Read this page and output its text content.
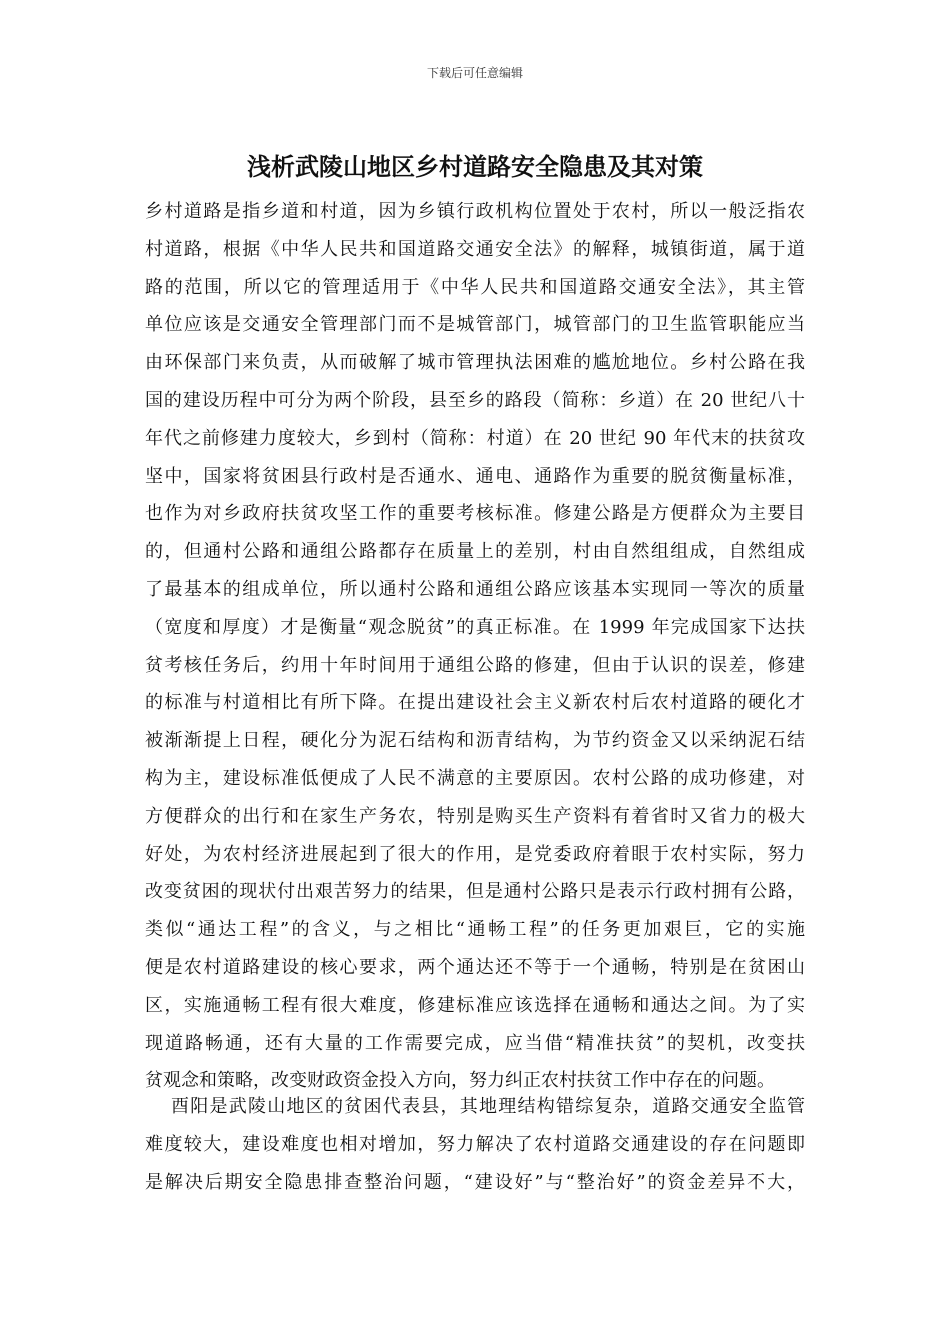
下载后可任意编辑
浅析武陵山地区乡村道路安全隐患及其对策
乡村道路是指乡道和村道，因为乡镇行政机构位置处于农村，所以一般泛指农
村道路，根据《中华人民共和国道路交通安全法》的解释，城镇街道，属于道
路的范围，所以它的管理适用于《中华人民共和国道路交通安全法》，其主管
单位应该是交通安全管理部门而不是城管部门，城管部门的卫生监管职能应当
由环保部门来负责，从而破解了城市管理执法困难的尴尬地位。乡村公路在我
国的建设历程中可分为两个阶段，县至乡的路段（简称：乡道）在 20 世纪八十
年代之前修建力度较大，乡到村（简称：村道）在 20 世纪 90 年代末的扶贫攻
坚中，国家将贫困县行政村是否通水、通电、通路作为重要的脱贫衡量标准，
也作为对乡政府扶贫攻坚工作的重要考核标准。修建公路是方便群众为主要目
的，但通村公路和通组公路都存在质量上的差别，村由自然组组成，自然组成
了最基本的组成单位，所以通村公路和通组公路应该基本实现同一等次的质量
（宽度和厚度）才是衡量“观念脱贫”的真正标准。在 1999 年完成国家下达扶
贫考核任务后，约用十年时间用于通组公路的修建，但由于认识的误差，修建
的标准与村道相比有所下降。在提出建设社会主义新农村后农村道路的硬化才
被渐渐提上日程，硬化分为泥石结构和沥青结构，为节约资金又以采纳泥石结
构为主，建设标准低便成了人民不满意的主要原因。农村公路的成功修建，对
方便群众的出行和在家生产务农，特别是购买生产资料有着省时又省力的极大
好处，为农村经济进展起到了很大的作用，是党委政府着眼于农村实际，努力
改变贫困的现状付出艰苦努力的结果，但是通村公路只是表示行政村拥有公路，
类似“通达工程”的含义，与之相比“通畅工程”的任务更加艰巨，它的实施
便是农村道路建设的核心要求，两个通达还不等于一个通畅，特别是在贫困山
区，实施通畅工程有很大难度，修建标准应该选择在通畅和通达之间。为了实
现道路畅通，还有大量的工作需要完成，应当借“精准扶贫”的契机，改变扶
贫观念和策略，改变财政资金投入方向，努力纠正农村扶贫工作中存在的问题。
酉阳是武陵山地区的贫困代表县，其地理结构错综复杂，道路交通安全监管
难度较大，建设难度也相对增加，努力解决了农村道路交通建设的存在问题即
是解决后期安全隐患排查整治问题，“建设好”与“整治好”的资金差异不大，
